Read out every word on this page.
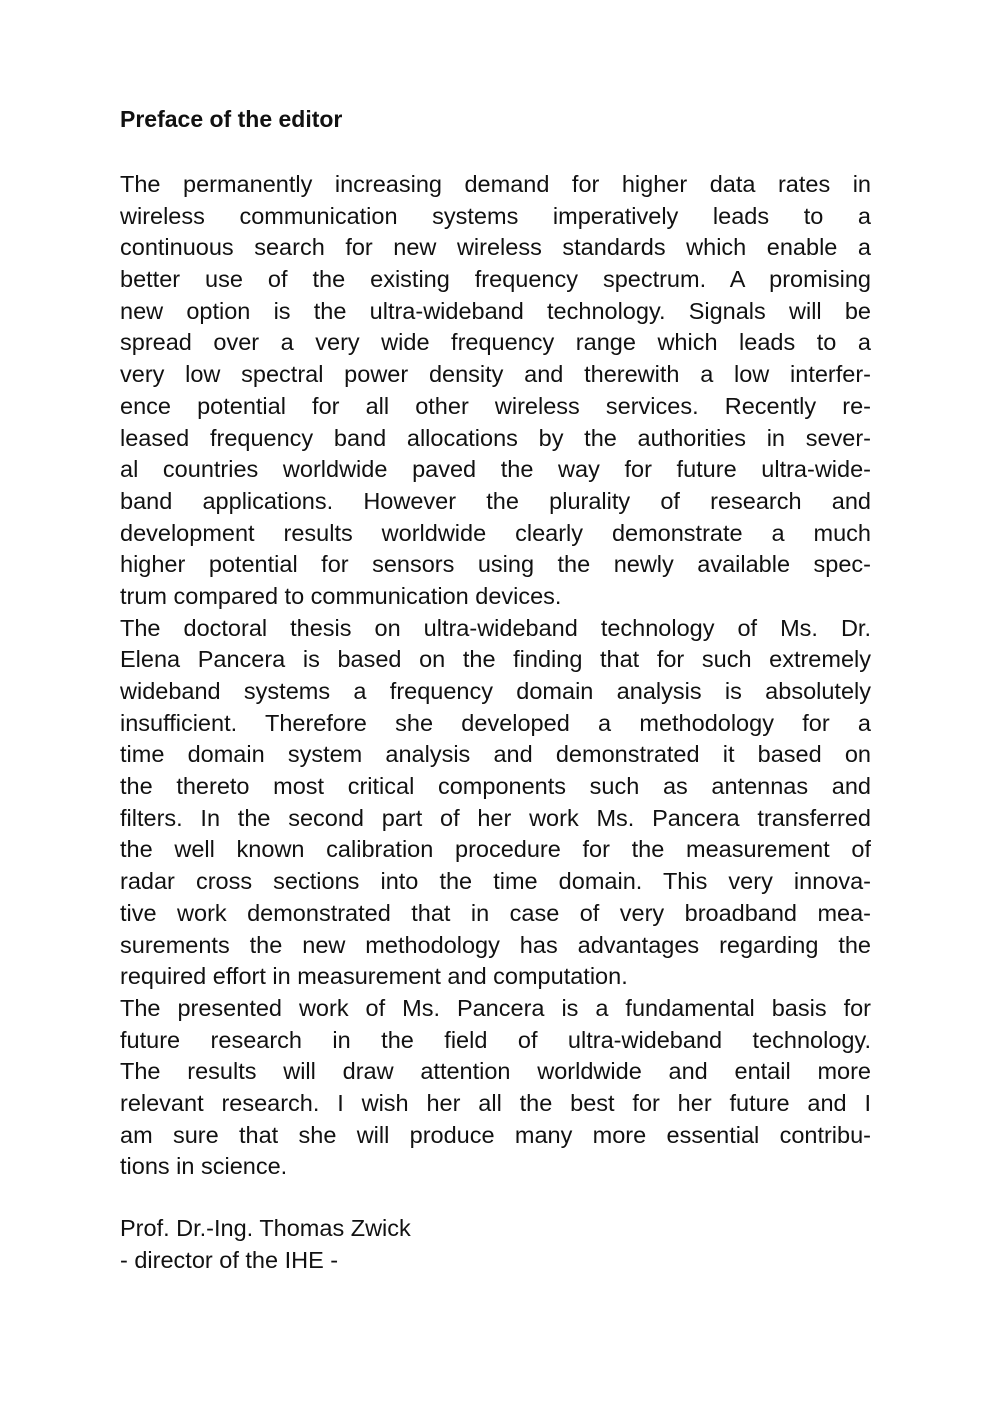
Preface of the editor
The permanently increasing demand for higher data rates in
wireless communication systems imperatively leads to a
continuous search for new wireless standards which enable a
better use of the existing frequency spectrum. A promising
new option is the ultra-wideband technology. Signals will be
spread over a very wide frequency range which leads to a
very low spectral power density and therewith a low interfer-
ence potential for all other wireless services. Recently re-
leased frequency band allocations by the authorities in sever-
al countries worldwide paved the way for future ultra-wide-
band applications. However the plurality of research and
development results worldwide clearly demonstrate a much
higher potential for sensors using the newly available spec-
trum compared to communication devices.
The doctoral thesis on ultra-wideband technology of Ms. Dr.
Elena Pancera is based on the finding that for such extremely
wideband systems a frequency domain analysis is absolutely
insufficient. Therefore she developed a methodology for a
time domain system analysis and demonstrated it based on
the thereto most critical components such as antennas and
filters. In the second part of her work Ms. Pancera transferred
the well known calibration procedure for the measurement of
radar cross sections into the time domain. This very innova-
tive work demonstrated that in case of very broadband mea-
surements the new methodology has advantages regarding the
required effort in measurement and computation.
The presented work of Ms. Pancera is a fundamental basis for
future research in the field of ultra-wideband technology.
The results will draw attention worldwide and entail more
relevant research. I wish her all the best for her future and I
am sure that she will produce many more essential contribu-
tions in science.
Prof. Dr.-Ing. Thomas Zwick
- director of the IHE -
